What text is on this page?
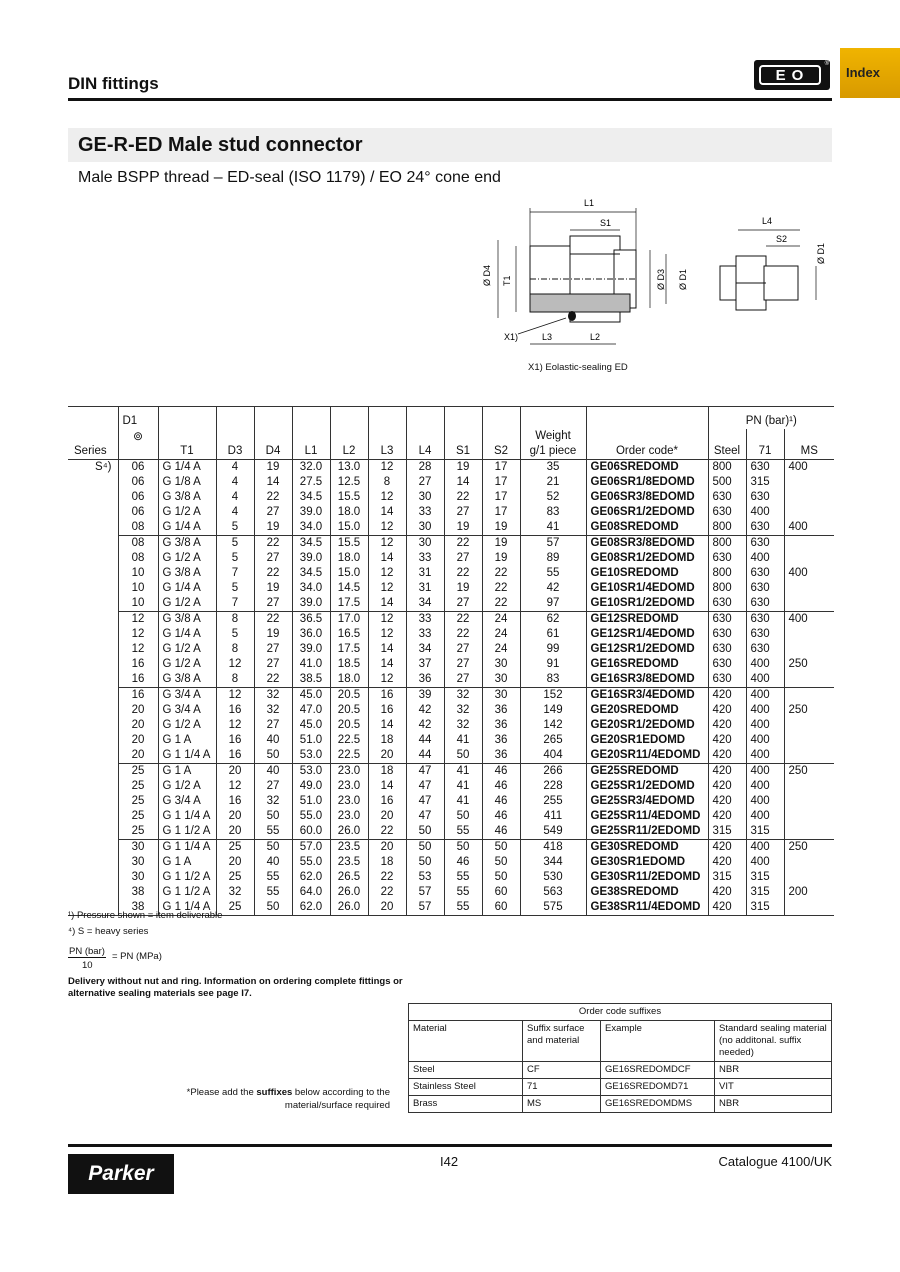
DIN fittings	EO
®
Index
GE-R-ED Male stud connector
Male BSPP thread – ED-seal (ISO 1179) / EO 24° cone end
L1
S1
Ø D4 T1	Ø D3 Ø D1
X1)	L3	L2
L4
S2
Ø D1
X1) Eolastic-sealing ED
	D1												PN (bar)¹)		
	⊚										Weight				
Series		T1	D3	D4	L1	L2	L3	L4	S1	S2	g/1 piece	Order code*	Steel	71	MS
S⁴)	06	G 1/4 A	4	19	32.0	13.0	12	28	19	17	35	GE06SREDOMD	800	630	400
	06	G 1/8 A	4	14	27.5	12.5	8	27	14	17	21	GE06SR1/8EDOMD	500	315	
	06	G 3/8 A	4	22	34.5	15.5	12	30	22	17	52	GE06SR3/8EDOMD	630	630	
	06	G 1/2 A	4	27	39.0	18.0	14	33	27	17	83	GE06SR1/2EDOMD	630	400	
	08	G 1/4 A	5	19	34.0	15.0	12	30	19	19	41	GE08SREDOMD	800	630	400
	08	G 3/8 A	5	22	34.5	15.5	12	30	22	19	57	GE08SR3/8EDOMD	800	630	
	08	G 1/2 A	5	27	39.0	18.0	14	33	27	19	89	GE08SR1/2EDOMD	630	400	
	10	G 3/8 A	7	22	34.5	15.0	12	31	22	22	55	GE10SREDOMD	800	630	400
	10	G 1/4 A	5	19	34.0	14.5	12	31	19	22	42	GE10SR1/4EDOMD	800	630	
	10	G 1/2 A	7	27	39.0	17.5	14	34	27	22	97	GE10SR1/2EDOMD	630	630	
	12	G 3/8 A	8	22	36.5	17.0	12	33	22	24	62	GE12SREDOMD	630	630	400
	12	G 1/4 A	5	19	36.0	16.5	12	33	22	24	61	GE12SR1/4EDOMD	630	630	
	12	G 1/2 A	8	27	39.0	17.5	14	34	27	24	99	GE12SR1/2EDOMD	630	630	
	16	G 1/2 A	12	27	41.0	18.5	14	37	27	30	91	GE16SREDOMD	630	400	250
	16	G 3/8 A	8	22	38.5	18.0	12	36	27	30	83	GE16SR3/8EDOMD	630	400	
	16	G 3/4 A	12	32	45.0	20.5	16	39	32	30	152	GE16SR3/4EDOMD	420	400	
	20	G 3/4 A	16	32	47.0	20.5	16	42	32	36	149	GE20SREDOMD	420	400	250
	20	G 1/2 A	12	27	45.0	20.5	14	42	32	36	142	GE20SR1/2EDOMD	420	400	
	20	G 1 A	16	40	51.0	22.5	18	44	41	36	265	GE20SR1EDOMD	420	400	
	20	G 1 1/4 A	16	50	53.0	22.5	20	44	50	36	404	GE20SR11/4EDOMD	420	400	
	25	G 1 A	20	40	53.0	23.0	18	47	41	46	266	GE25SREDOMD	420	400	250
	25	G 1/2 A	12	27	49.0	23.0	14	47	41	46	228	GE25SR1/2EDOMD	420	400	
	25	G 3/4 A	16	32	51.0	23.0	16	47	41	46	255	GE25SR3/4EDOMD	420	400	
	25	G 1 1/4 A	20	50	55.0	23.0	20	47	50	46	411	GE25SR11/4EDOMD	420	400	
	25	G 1 1/2 A	20	55	60.0	26.0	22	50	55	46	549	GE25SR11/2EDOMD	315	315	
	30	G 1 1/4 A	25	50	57.0	23.5	20	50	50	50	418	GE30SREDOMD	420	400	250
	30	G 1 A	20	40	55.0	23.5	18	50	46	50	344	GE30SR1EDOMD	420	400	
	30	G 1 1/2 A	25	55	62.0	26.5	22	53	55	50	530	GE30SR11/2EDOMD	315	315	
	38	G 1 1/2 A	32	55	64.0	26.0	22	57	55	60	563	GE38SREDOMD	420	315	200
	38	G 1 1/4 A	25	50	62.0	26.0	20	57	55	60	575	GE38SR11/4EDOMD	420	315	
¹) Pressure shown = item deliverable
⁴) S = heavy series
PN (bar)
10
= PN (MPa)
Delivery without nut and ring. Information on ordering complete fittings or alternative sealing materials see page I7.
Order code suffixes			
Material	Suffix surface and material	Example	Standard sealing material (no additonal. suffix needed)
Steel	CF	GE16SREDOMDCF	NBR
Stainless Steel	71	GE16SREDOMD71	VIT
Brass	MS	GE16SREDOMDMS	NBR
*Please add the suffixes below according to the material/surface required
Parker
I42	Catalogue 4100/UK
